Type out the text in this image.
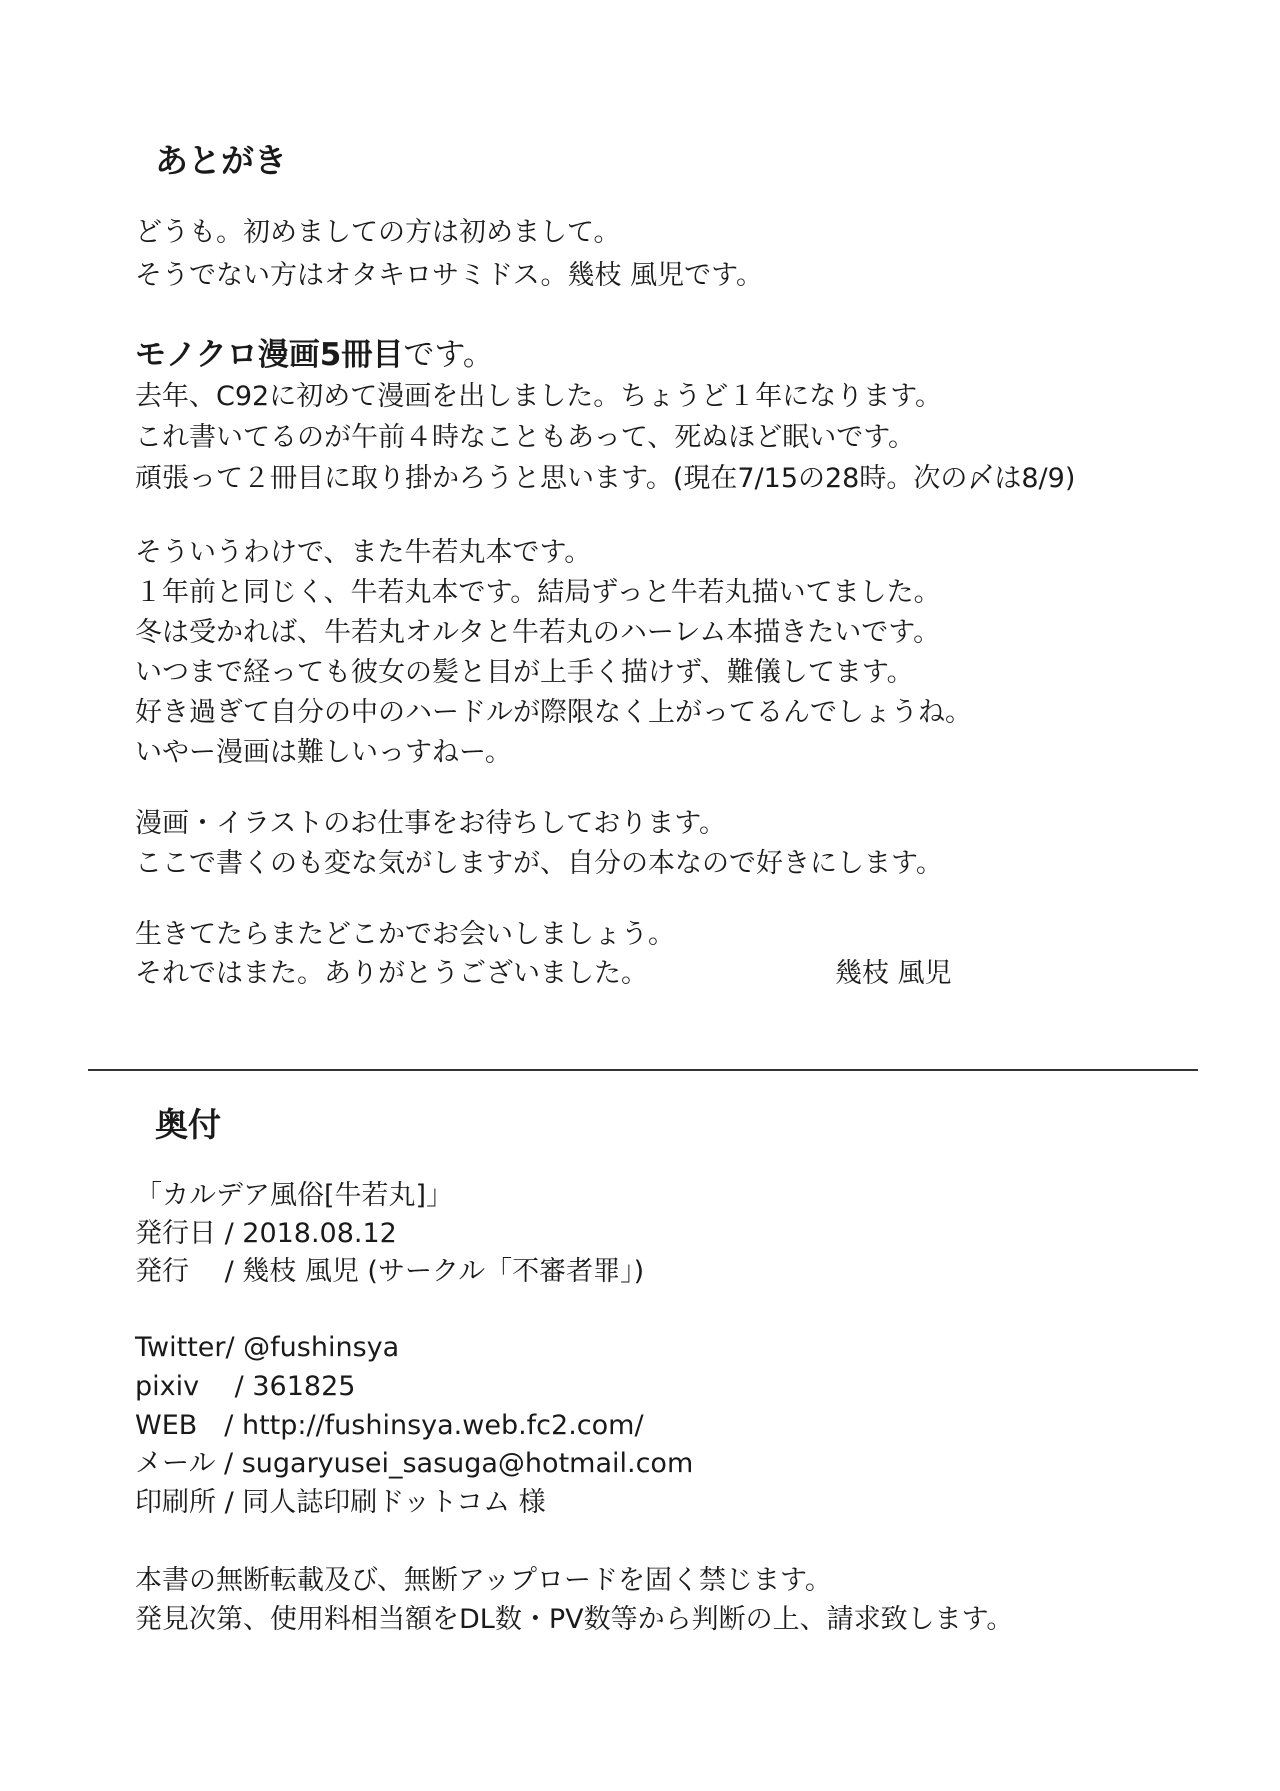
あとがき

どうも。初めましての方は初めまして。

そうでない方はオタキロサミドス。幾枝 風児です。

モノクロ漫画5冊目です。

去年、C92に初めて漫画を出しました。ちょうど１年になります。

これ書いてるのが午前４時なこともあって、死ぬほど眠いです。

頑張って２冊目に取り掛かろうと思います。(現在7/15の28時。次の〆は8/9)

そういうわけで、また牛若丸本です。

１年前と同じく、牛若丸本です。結局ずっと牛若丸描いてました。

冬は受かれば、牛若丸オルタと牛若丸のハーレム本描きたいです。

いつまで経っても彼女の髪と目が上手く描けず、難儀してます。

好き過ぎて自分の中のハードルが際限なく上がってるんでしょうね。

いやー漫画は難しいっすねー。

漫画・イラストのお仕事をお待ちしております。

ここで書くのも変な気がしますが、自分の本なので好きにします。

生きてたらまたどこかでお会いしましょう。

それではまた。ありがとうございました。	幾枝 風児
奥付

「カルデア風俗[牛若丸]」

発行日 / 2018.08.12

発行　 / 幾枝 風児 (サークル「不審者罪」)

Twitter/ @fushinsya

pixiv　 / 361825

WEB　/ http://fushinsya.web.fc2.com/

メール / sugaryusei_sasuga@hotmail.com

印刷所 / 同人誌印刷ドットコム 様

本書の無断転載及び、無断アップロードを固く禁じます。

発見次第、使用料相当額をDL数・PV数等から判断の上、請求致します。
